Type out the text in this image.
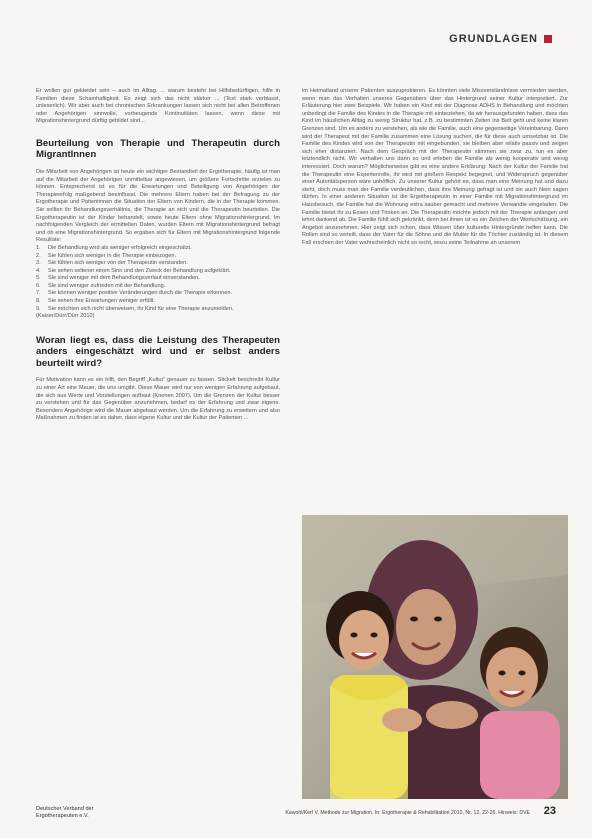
GRUNDLAGEN

Er wollen gut gekleidet sein – auch im Alltag. ... warum besteht bei Hilfsbedürftigen, hilfe in Familien diese Schamhaftigkeit. Es zeigt sich das nicht stärker ... (Text stark verblasst, unleserlich). Wir aber auch bei chronischen Erkrankungen lassen sich nicht bei allen Betroffenen oder Angehörigen sinnvolle, vorbeugende Kontinuitäten lassen, wenn diese mit Migrationshintergrund dürftig gebildet sind...

Beurteilung von Therapie und Therapeutin durch MigrantInnen

Die Mitarbeit von Angehörigen ist heute ein wichtiger Bestandteil der Ergotherapie, häufig ist man auf die Mitarbeit der Angehörigen unmittelbar angewiesen, um größere Fortschritte erzielen zu können. Entsprechend ist es für die Erwartungen und Beteiligung von Angehörigen der Therapieerfolg maßgebend beeinflusst. Die mehrere Eltern haben bei der Befragung zu der Ergotherapie und Patientinnen die Situation der Eltern von Kindern, die in der Therapie kommen. Sie sollten ihr Behandlungsverhältnis, die Therapie an sich und die Therapeutin beurteilen. Die Ergotherapeutin ist der Kinder behandelt, sowie heute Eltern ohne Migrationshintergrund. Im nachfolgenden Vergleich der ermittelten Daten, wurden Eltern mit Migrationshintergrund befragt und ob eine Migrationshintergrund. So ergaben sich für Eltern mit Migrationshintergrund folgende Resultate:

1.	Die Behandlung wird als weniger erfolgreich eingeschätzt.
2.	Sie fühlen sich weniger in die Therapie einbezogen.
3.	Sie fühlen sich weniger von der Therapeutin verstanden.
4.	Sie sehen seltener einen Sinn und den Zweck der Behandlung aufgeklärt.
5.	Sie sind weniger mit dem Behandlungsverlauf einverstanden.
6.	Sie sind weniger zufrieden mit der Behandlung.
7.	Sie können weniger positive Veränderungen durch die Therapie erkennen.
8.	Sie sehen ihre Erwartungen weniger erfüllt.
9.	Sie möchten sich nicht überweisen, ihr Kind für eine Therapie anzumelden.

(Kaiser/Dürr/Dürr 2010)

Woran liegt es, dass die Leistung des Therapeuten anders eingeschätzt wird und er selbst anders beurteilt wird?

Für Motivation kann es ein hilft, den Begriff „Kultur“ genauer zu fassen. Stickelt beschreibt Kultur zu einer Art eine Mauer, die uns umgibt. Diese Mauer wird nur von wenigen Erfahrung aufgebaut, die sich aus Werte und Vorstellungen aufbaut (Koenen 2007). Um die Grenzen der Kultur besser zu verstehen und für das Gegenüber anzunehmen, bedarf es der Erfahrung und zwar eigene. Besonders Angehörige wird die Mauer abgebaut werden. Um die Erfahrung zu erweitern und also Maßnahmen zu finden ist es daher, dass eigene Kultur und die Kultur der Patienten ...

im Heimatland unserer Patienten auszuprobieren. Es könnten viele Missverständnisse vermieden werden, wenn man das Verhalten unseres Gegenübers über das Hintergrund seiner Kultur interpretiert. Zur Erläuterung hier zwei Beispiele. Wir haben ein Kind mit der Diagnose ADHS in Behandlung und möchten unbedingt die Familie des Kindes in die Therapie mit einbeziehen, da wir herausgefunden haben, dass das Kind im häuslichen Alltag zu wenig Struktur hat, z.B. zu bestimmten Zeiten ins Bett geht und keine klaren Grenzen sind. Um es anders zu verstehen, als wie die Familie, auch eine gegenseitige Vereinbarung. Dann wird der Therapeut mit der Familie zusammen eine Lösung suchen, die für diese auch umsetzbar ist. Die Familie des Kindes wird von der Therapeutin mit eingebunden, sie bleiben aber relativ passiv und zeigen sich eher distanziert. Nach dem Gespräch mit der Therapeutin stimmen sie zwar zu, tun es aber letztendlich nicht. Wir verhalten uns dann so und erleben die Familie als wenig kooperativ und wenig interessiert. Doch warum? Möglicherweise gibt es eine andere Erklärung: Nach der Kultur der Familie hat die Therapeutin eine Expertenrolle, ihr wird mit großem Respekt begegnet, und Widerspruch gegenüber einer Autoritätsperson wäre unhöflich. Zu unserer Kultur gehört es, dass man eine Meinung hat und dazu steht, doch muss man der Familie verdeutlichen, dass ihre Meinung gefragt ist und sie auch Nein sagen dürfen. In einer anderen Situation ist die Ergotherapeutin in einer Familie mit Migrationshintergrund im Hausbesuch, die Familie hat die Wohnung extra sauber gemacht und mehrere Verwandte eingeladen. Die Familie bietet ihr zu Essen und Trinken an. Die Therapeutin möchte jedoch mit der Therapie anfangen und lehnt dankend ab. Die Familie fühlt sich gekränkt, denn bei ihnen ist es ein Zeichen der Wertschätzung, ein Angebot anzunehmen. Hier zeigt sich schon, dass Wissen über kulturelle Hintergründe helfen kann. Die Rollen sind so verteilt, dass der Vater für die Söhne und die Mutter für die Töchter zuständig ist. In diesem Fall erschien der Vater wahrscheinlich nicht so recht, wozu seine Teilnahme an unserem

Deutscher Verband der
Ergotherapeuten e.V.	Kawohl/Kerl V. Methode zur Migration. In: Ergotherapie & Rehabilitation 2010, Nr. 12, 22-26. Hinweis: DVE 23
